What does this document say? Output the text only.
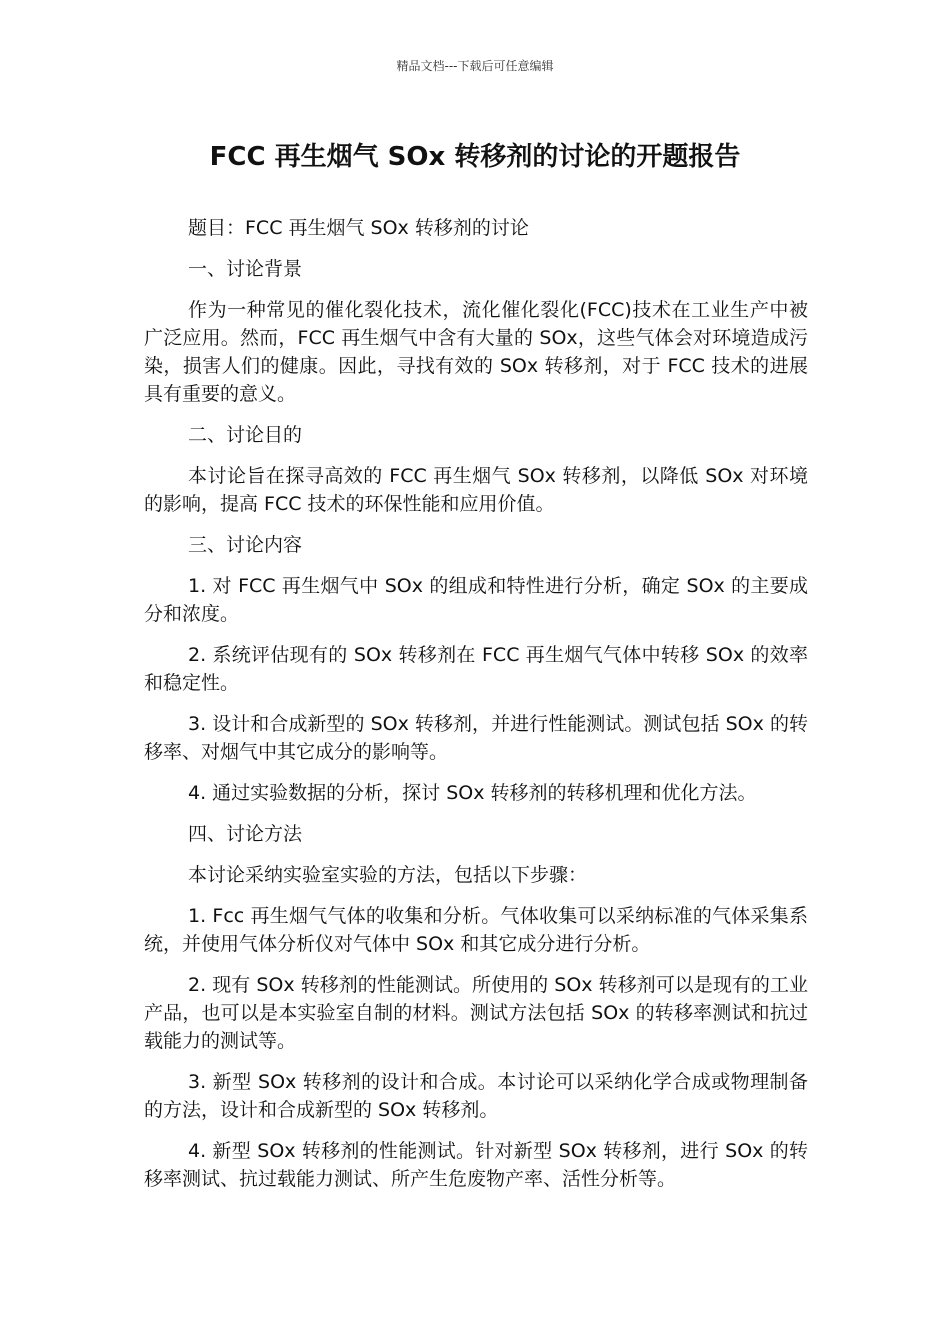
精品文档---下载后可任意编辑
FCC 再生烟气 SOx 转移剂的讨论的开题报告

题目：FCC 再生烟气 SOx 转移剂的讨论

一、讨论背景

作为一种常见的催化裂化技术，流化催化裂化(FCC)技术在工业生产中被广泛应用。然而，FCC 再生烟气中含有大量的 SOx，这些气体会对环境造成污染，损害人们的健康。因此，寻找有效的 SOx 转移剂，对于 FCC 技术的进展具有重要的意义。

二、讨论目的

本讨论旨在探寻高效的 FCC 再生烟气 SOx 转移剂，以降低 SOx 对环境的影响，提高 FCC 技术的环保性能和应用价值。

三、讨论内容

1. 对 FCC 再生烟气中 SOx 的组成和特性进行分析，确定 SOx 的主要成分和浓度。

2. 系统评估现有的 SOx 转移剂在 FCC 再生烟气气体中转移 SOx 的效率和稳定性。

3. 设计和合成新型的 SOx 转移剂，并进行性能测试。测试包括 SOx 的转移率、对烟气中其它成分的影响等。

4. 通过实验数据的分析，探讨 SOx 转移剂的转移机理和优化方法。

四、讨论方法

本讨论采纳实验室实验的方法，包括以下步骤：

1. Fcc 再生烟气气体的收集和分析。气体收集可以采纳标准的气体采集系统，并使用气体分析仪对气体中 SOx 和其它成分进行分析。

2. 现有 SOx 转移剂的性能测试。所使用的 SOx 转移剂可以是现有的工业产品，也可以是本实验室自制的材料。测试方法包括 SOx 的转移率测试和抗过载能力的测试等。

3. 新型 SOx 转移剂的设计和合成。本讨论可以采纳化学合成或物理制备的方法，设计和合成新型的 SOx 转移剂。

4. 新型 SOx 转移剂的性能测试。针对新型 SOx 转移剂，进行 SOx 的转移率测试、抗过载能力测试、所产生危废物产率、活性分析等。
